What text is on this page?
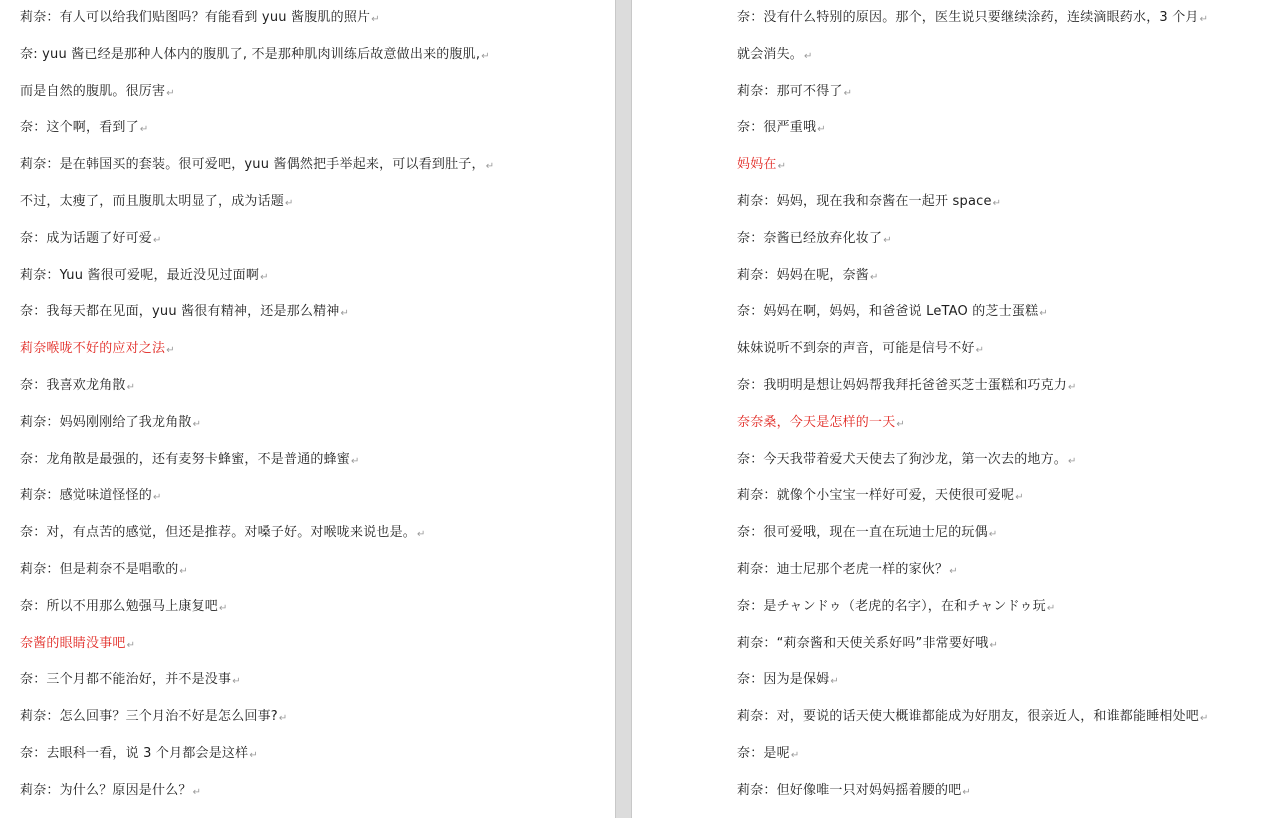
莉奈：有人可以给我们贴图吗？有能看到 yuu 酱腹肌的照片↵
奈: yuu 酱已经是那种人体内的腹肌了, 不是那种肌肉训练后故意做出来的腹肌,↵
而是自然的腹肌。很厉害↵
奈：这个啊，看到了↵
莉奈：是在韩国买的套装。很可爱吧，yuu 酱偶然把手举起来，可以看到肚子，↵
不过，太瘦了，而且腹肌太明显了，成为话题↵
奈：成为话题了好可爱↵
莉奈：Yuu 酱很可爱呢，最近没见过面啊↵
奈：我每天都在见面，yuu 酱很有精神，还是那么精神↵
莉奈喉咙不好的应对之法↵
奈：我喜欢龙角散↵
莉奈：妈妈刚刚给了我龙角散↵
奈：龙角散是最强的，还有麦努卡蜂蜜，不是普通的蜂蜜↵
莉奈：感觉味道怪怪的↵
奈：对，有点苦的感觉，但还是推荐。对嗓子好。对喉咙来说也是。↵
莉奈：但是莉奈不是唱歌的↵
奈：所以不用那么勉强马上康复吧↵
奈酱的眼睛没事吧↵
奈：三个月都不能治好，并不是没事↵
莉奈：怎么回事？三个月治不好是怎么回事?↵
奈：去眼科一看，说 3 个月都会是这样↵
莉奈：为什么？原因是什么？↵
奈：没有什么特别的原因。那个，医生说只要继续涂药，连续滴眼药水，3 个月↵
就会消失。↵
莉奈：那可不得了↵
奈：很严重哦↵
妈妈在↵
莉奈：妈妈，现在我和奈酱在一起开 space↵
奈：奈酱已经放弃化妆了↵
莉奈：妈妈在呢，奈酱↵
奈：妈妈在啊，妈妈，和爸爸说 LeTAO 的芝士蛋糕↵
妹妹说听不到奈的声音，可能是信号不好↵
奈：我明明是想让妈妈帮我拜托爸爸买芝士蛋糕和巧克力↵
奈奈桑，今天是怎样的一天↵
奈：今天我带着爱犬天使去了狗沙龙，第一次去的地方。↵
莉奈：就像个小宝宝一样好可爱，天使很可爱呢↵
奈：很可爱哦，现在一直在玩迪士尼的玩偶↵
莉奈：迪士尼那个老虎一样的家伙？↵
奈：是チャンドゥ（老虎的名字），在和チャンドゥ玩↵
莉奈：“莉奈酱和天使关系好吗”非常要好哦↵
奈：因为是保姆↵
莉奈：对，要说的话天使大概谁都能成为好朋友，很亲近人，和谁都能睡相处吧↵
奈：是呢↵
莉奈：但好像唯一只对妈妈摇着腰的吧↵
